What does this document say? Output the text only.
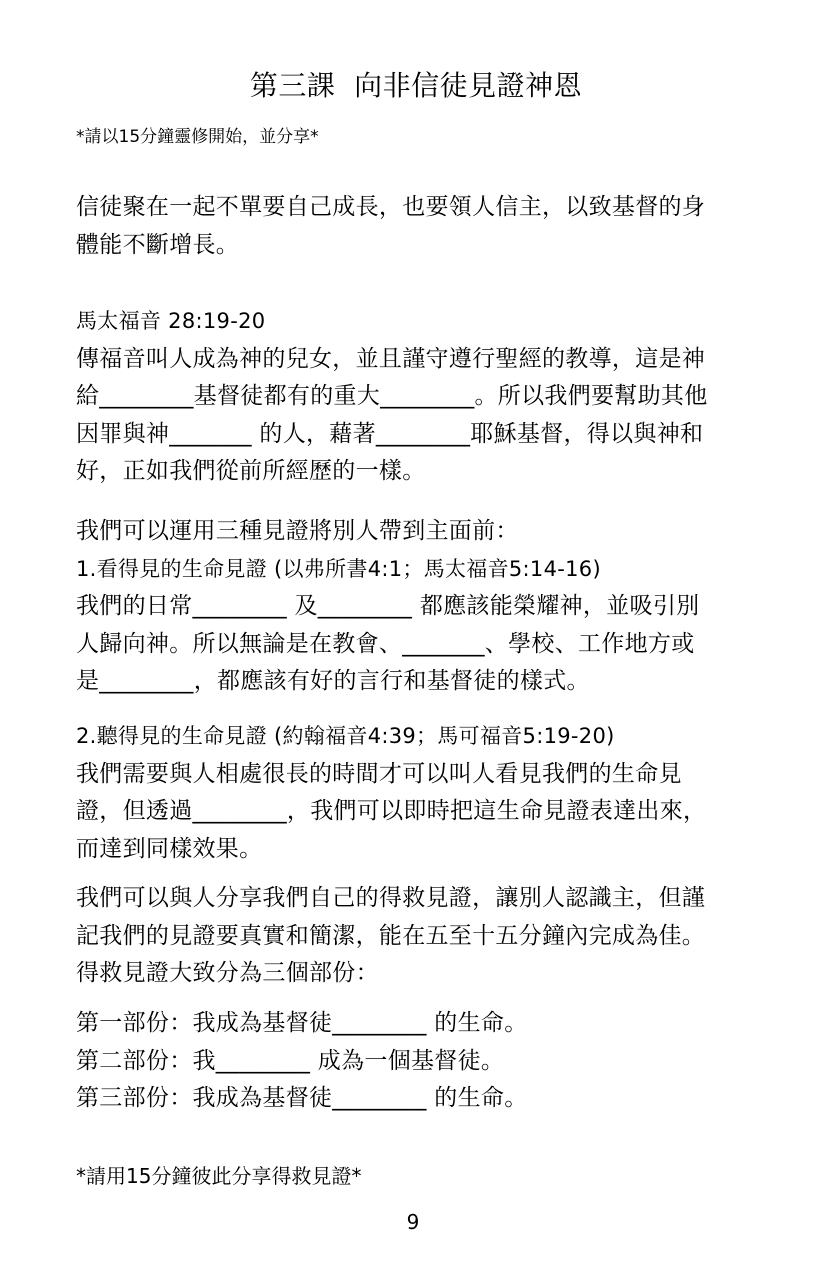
第三課  向非信徒見證神恩
*請以15分鐘靈修開始，並分享*

信徒聚在一起不單要自己成長，也要領人信主，以致基督的身

體能不斷增長。

馬太福音 28:19-20

傳福音叫人成為神的兒女，並且謹守遵行聖經的教導，這是神

給________基督徒都有的重大________。所以我們要幫助其他

因罪與神_______ 的人，藉著________耶穌基督，得以與神和

好，正如我們從前所經歷的一樣。

我們可以運用三種見證將別人帶到主面前：

1.看得見的生命見證 (以弗所書4:1；馬太福音5:14-16)

我們的日常________ 及________ 都應該能榮耀神，並吸引別

人歸向神。所以無論是在教會、_______、學校、工作地方或

是________，都應該有好的言行和基督徒的樣式。

2.聽得見的生命見證 (約翰福音4:39；馬可福音5:19-20)

我們需要與人相處很長的時間才可以叫人看見我們的生命見

證，但透過________，我們可以即時把這生命見證表達出來，

而達到同樣效果。

我們可以與人分享我們自己的得救見證，讓別人認識主，但謹

記我們的見證要真實和簡潔，能在五至十五分鐘內完成為佳。

得救見證大致分為三個部份：

第一部份：我成為基督徒________ 的生命。

第二部份：我________ 成為一個基督徒。

第三部份：我成為基督徒________ 的生命。

*請用15分鐘彼此分享得救見證*
9
